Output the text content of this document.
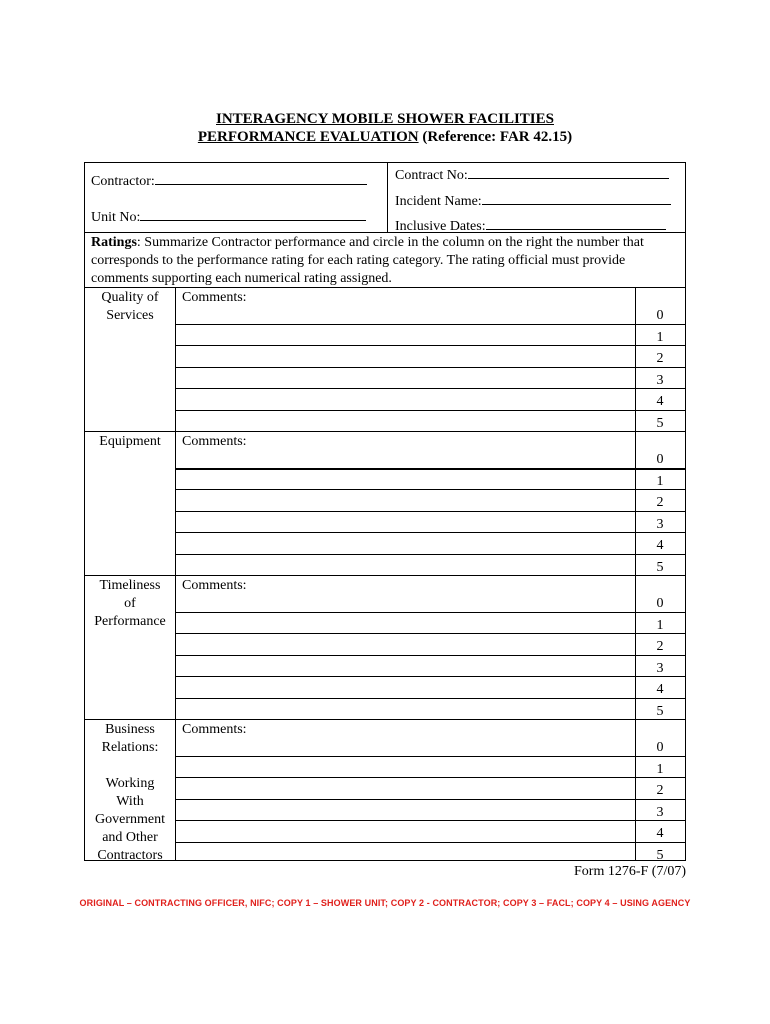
INTERAGENCY MOBILE SHOWER FACILITIES
PERFORMANCE EVALUATION (Reference: FAR 42.15)
Contractor:
Unit No:
Contract No:
Incident Name:
Inclusive Dates:
Ratings: Summarize Contractor performance and circle in the column on the right the number that corresponds to the performance rating for each rating category. The rating official must provide comments supporting each numerical rating assigned.
Quality of
Services
Comments:
0
1
2
3
4
5
Equipment	Comments:
0
1
2
3
4
5
Timeliness
of
Performance
Comments:
0
1
2
3
4
5
Business
Relations:
Working
With
Government
and Other
Contractors
Comments:
0
1
2
3
4
5
Form 1276-F (7/07)
ORIGINAL – CONTRACTING OFFICER, NIFC; COPY 1 – SHOWER UNIT; COPY 2 - CONTRACTOR; COPY 3 – FACL; COPY 4 – USING AGENCY
